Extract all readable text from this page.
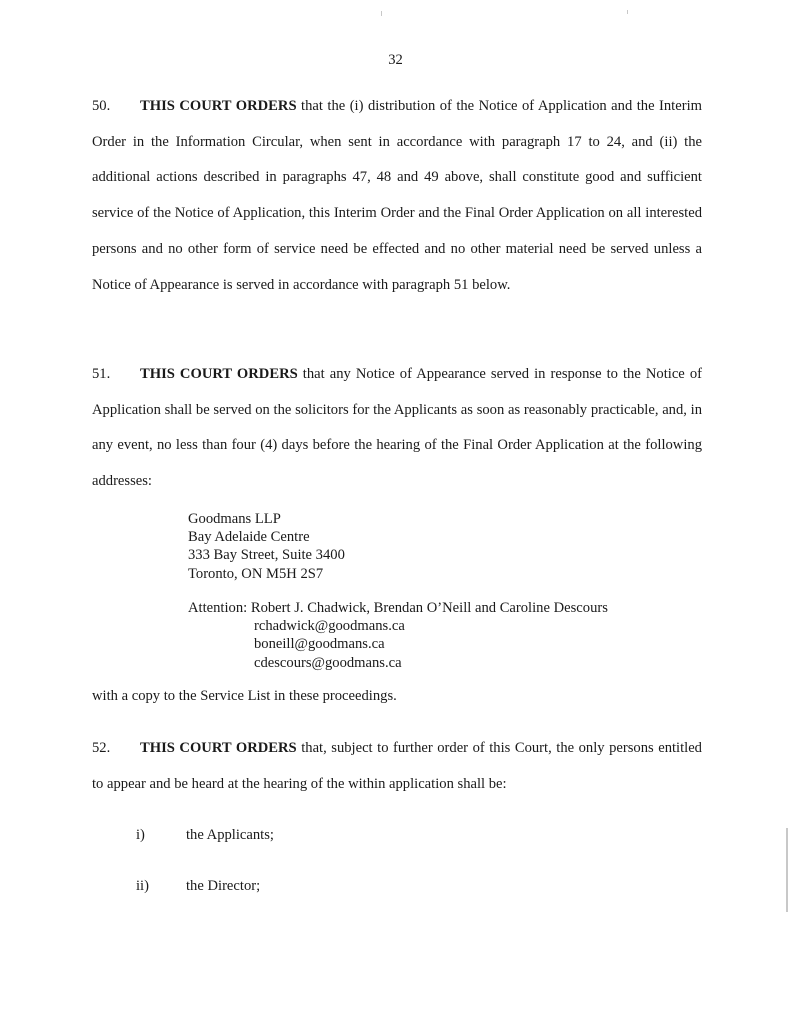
32
50. THIS COURT ORDERS that the (i) distribution of the Notice of Application and the Interim Order in the Information Circular, when sent in accordance with paragraph 17 to 24, and (ii) the additional actions described in paragraphs 47, 48 and 49 above, shall constitute good and sufficient service of the Notice of Application, this Interim Order and the Final Order Application on all interested persons and no other form of service need be effected and no other material need be served unless a Notice of Appearance is served in accordance with paragraph 51 below.
51. THIS COURT ORDERS that any Notice of Appearance served in response to the Notice of Application shall be served on the solicitors for the Applicants as soon as reasonably practicable, and, in any event, no less than four (4) days before the hearing of the Final Order Application at the following addresses:
Goodmans LLP
Bay Adelaide Centre
333 Bay Street, Suite 3400
Toronto, ON M5H 2S7
Attention: Robert J. Chadwick, Brendan O’Neill and Caroline Descours
rchadwick@goodmans.ca
boneill@goodmans.ca
cdescours@goodmans.ca
with a copy to the Service List in these proceedings.
52. THIS COURT ORDERS that, subject to further order of this Court, the only persons entitled to appear and be heard at the hearing of the within application shall be:
i)	the Applicants;
ii)	the Director;
